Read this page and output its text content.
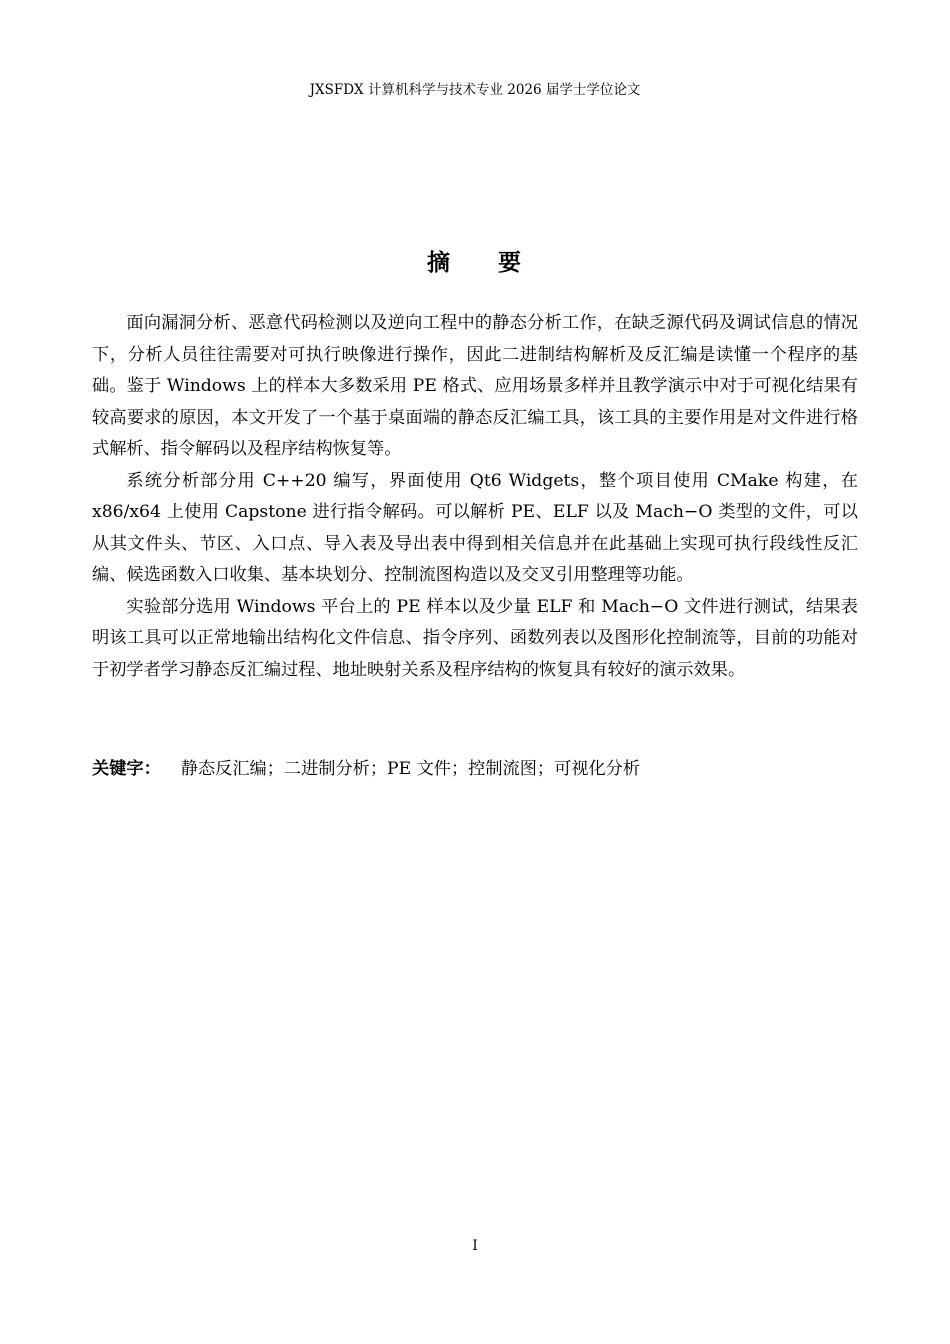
JXSFDX 计算机科学与技术专业 2026 届学士学位论文
摘 要

面向漏洞分析、恶意代码检测以及逆向工程中的静态分析工作，在缺乏源代码及调试信息的情况下，分析人员往往需要对可执行映像进行操作，因此二进制结构解析及反汇编是读懂一个程序的基础。鉴于 Windows 上的样本大多数采用 PE 格式、应用场景多样并且教学演示中对于可视化结果有较高要求的原因，本文开发了一个基于桌面端的静态反汇编工具，该工具的主要作用是对文件进行格式解析、指令解码以及程序结构恢复等。

系统分析部分用 C++20 编写，界面使用 Qt6 Widgets，整个项目使用 CMake 构建，在 x86/x64 上使用 Capstone 进行指令解码。可以解析 PE、ELF 以及 Mach−O 类型的文件，可以从其文件头、节区、入口点、导入表及导出表中得到相关信息并在此基础上实现可执行段线性反汇编、候选函数入口收集、基本块划分、控制流图构造以及交叉引用整理等功能。

实验部分选用 Windows 平台上的 PE 样本以及少量 ELF 和 Mach−O 文件进行测试，结果表明该工具可以正常地输出结构化文件信息、指令序列、函数列表以及图形化控制流等，目前的功能对于初学者学习静态反汇编过程、地址映射关系及程序结构的恢复具有较好的演示效果。

关键字： 静态反汇编；二进制分析；PE 文件；控制流图；可视化分析
I
